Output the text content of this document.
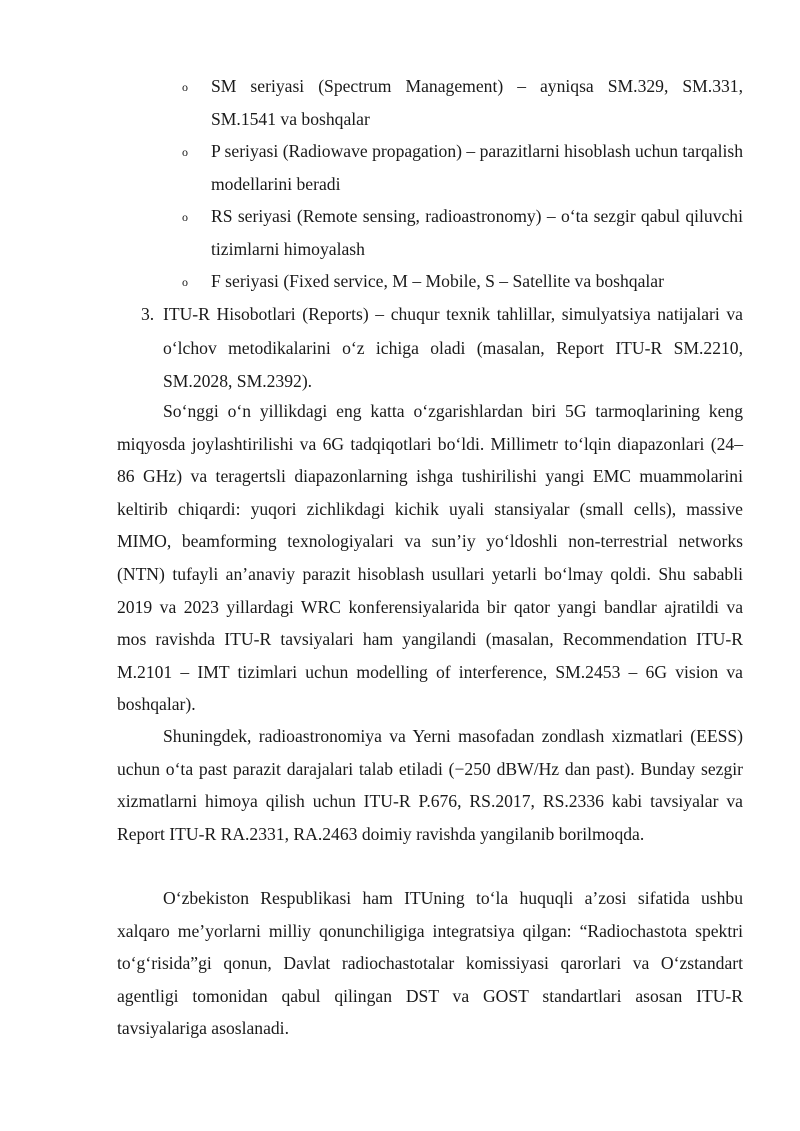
o SM seriyasi (Spectrum Management) – ayniqsa SM.329, SM.331, SM.1541 va boshqalar
o P seriyasi (Radiowave propagation) – parazitlarni hisoblash uchun tarqalish modellarini beradi
o RS seriyasi (Remote sensing, radioastronomy) – o‘ta sezgir qabul qiluvchi tizimlarni himoyalash
o F seriyasi (Fixed service, M – Mobile, S – Satellite va boshqalar
3. ITU-R Hisobotlari (Reports) – chuqur texnik tahlillar, simulyatsiya natijalari va o‘lchov metodikalarini o‘z ichiga oladi (masalan, Report ITU-R SM.2210, SM.2028, SM.2392).

So‘nggi o‘n yillikdagi eng katta o‘zgarishlardan biri 5G tarmoqlarining keng miqyosda joylashtirilishi va 6G tadqiqotlari bo‘ldi. Millimetr to‘lqin diapazonlari (24–86 GHz) va teragertsli diapazonlarning ishga tushirilishi yangi EMC muammolarini keltirib chiqardi: yuqori zichlikdagi kichik uyali stansiyalar (small cells), massive MIMO, beamforming texnologiyalari va sun’iy yo‘ldoshli non-terrestrial networks (NTN) tufayli an’anaviy parazit hisoblash usullari yetarli bo‘lmay qoldi. Shu sababli 2019 va 2023 yillardagi WRC konferensiyalarida bir qator yangi bandlar ajratildi va mos ravishda ITU-R tavsiyalari ham yangilandi (masalan, Recommendation ITU-R M.2101 – IMT tizimlari uchun modelling of interference, SM.2453 – 6G vision va boshqalar).

Shuningdek, radioastronomiya va Yerni masofadan zondlash xizmatlari (EESS) uchun o‘ta past parazit darajalari talab etiladi (−250 dBW/Hz dan past). Bunday sezgir xizmatlarni himoya qilish uchun ITU-R P.676, RS.2017, RS.2336 kabi tavsiyalar va Report ITU-R RA.2331, RA.2463 doimiy ravishda yangilanib borilmoqda.

O‘zbekiston Respublikasi ham ITUning to‘la huquqli a’zosi sifatida ushbu xalqaro me’yorlarni milliy qonunchiligiga integratsiya qilgan: “Radiochastota spektri to‘g‘risida”gi qonun, Davlat radiochastotalar komissiyasi qarorlari va O‘zstandart agentligi tomonidan qabul qilingan DST va GOST standartlari asosan ITU-R tavsiyalariga asoslanadi.
